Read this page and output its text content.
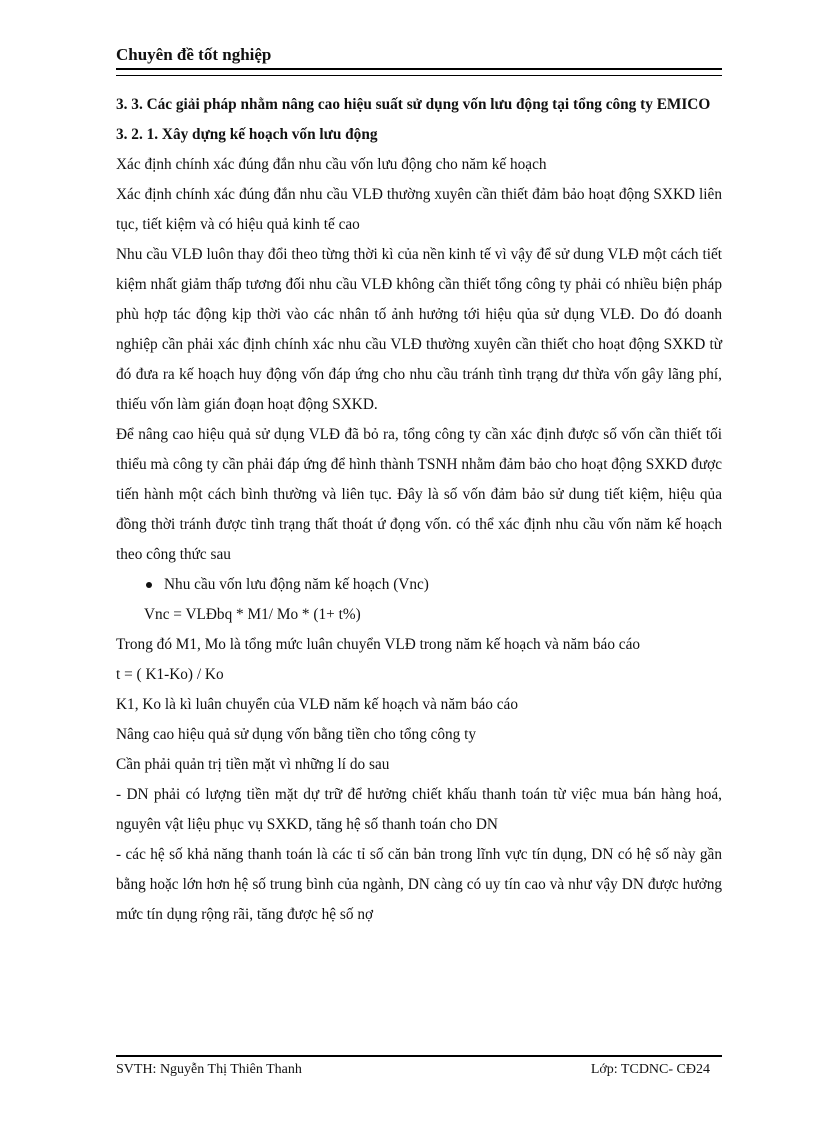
Chuyên đề tốt nghiệp

3. 3. Các giải pháp nhằm nâng cao hiệu suất sử dụng vốn lưu động tại tổng công ty EMICO

3. 2. 1. Xây dựng kế hoạch vốn lưu động

Xác định chính xác đúng đắn nhu cầu vốn lưu động cho năm kế hoạch

Xác định chính xác đúng đắn nhu cầu VLĐ thường xuyên cần thiết đảm bảo hoạt động SXKD liên tục, tiết kiệm và có hiệu quả kinh tế cao

Nhu cầu VLĐ luôn thay đổi theo từng thời kì của nền kinh tế vì vậy để sử dung VLĐ một cách tiết kiệm nhất giảm thấp tương đối nhu cầu VLĐ không cần thiết tổng công ty phải có nhiều biện pháp phù hợp tác động kịp thời vào các nhân tố ảnh hưởng tới hiệu qủa sử dụng VLĐ. Do đó doanh nghiệp cần phải xác định chính xác nhu cầu VLĐ thường xuyên cần thiết cho hoạt động SXKD từ đó đưa ra kế hoạch huy động vốn đáp ứng cho nhu cầu tránh tình trạng dư thừa vốn gây lãng phí, thiếu vốn làm gián đoạn hoạt động SXKD.

Để nâng cao hiệu quả sử dụng VLĐ đã bỏ ra, tổng công ty cần xác định được số vốn cần thiết tối thiểu mà công ty cần phải đáp ứng để hình thành TSNH nhằm đảm bảo cho hoạt động SXKD được tiến hành một cách bình thường và liên tục. Đây là số vốn đảm bảo sử dung tiết kiệm, hiệu qủa đồng thời tránh được tình trạng thất thoát ứ đọng vốn. có thể xác định nhu cầu vốn năm kế hoạch theo công thức sau

Nhu cầu vốn lưu động năm kế hoạch (Vnc)

Vnc = VLĐbq * M1/ Mo * (1+ t%)

Trong đó M1, Mo là tổng mức luân chuyển VLĐ trong năm kế hoạch và năm báo cáo

t = ( K1-Ko) / Ko

K1, Ko là kì luân chuyển của VLĐ năm kế hoạch và năm báo cáo

Nâng cao hiệu quả sử dụng vốn bằng tiền cho tổng công ty

Cần phải quản trị tiền mặt vì những lí do sau

- DN phải có lượng tiền mặt dự trữ để hưởng chiết khấu thanh toán từ việc mua bán hàng hoá, nguyên vật liệu phục vụ SXKD, tăng hệ số thanh toán cho DN

- các hệ số khả năng thanh toán là các tỉ số căn bản trong lĩnh vực tín dụng, DN có hệ số này gần bằng hoặc lớn hơn hệ số trung bình của ngành, DN càng có uy tín cao và như vậy DN được hưởng mức tín dụng rộng rãi, tăng được hệ số nợ

SVTH: Nguyễn Thị Thiên Thanh	Lớp: TCDNC- CĐ24
